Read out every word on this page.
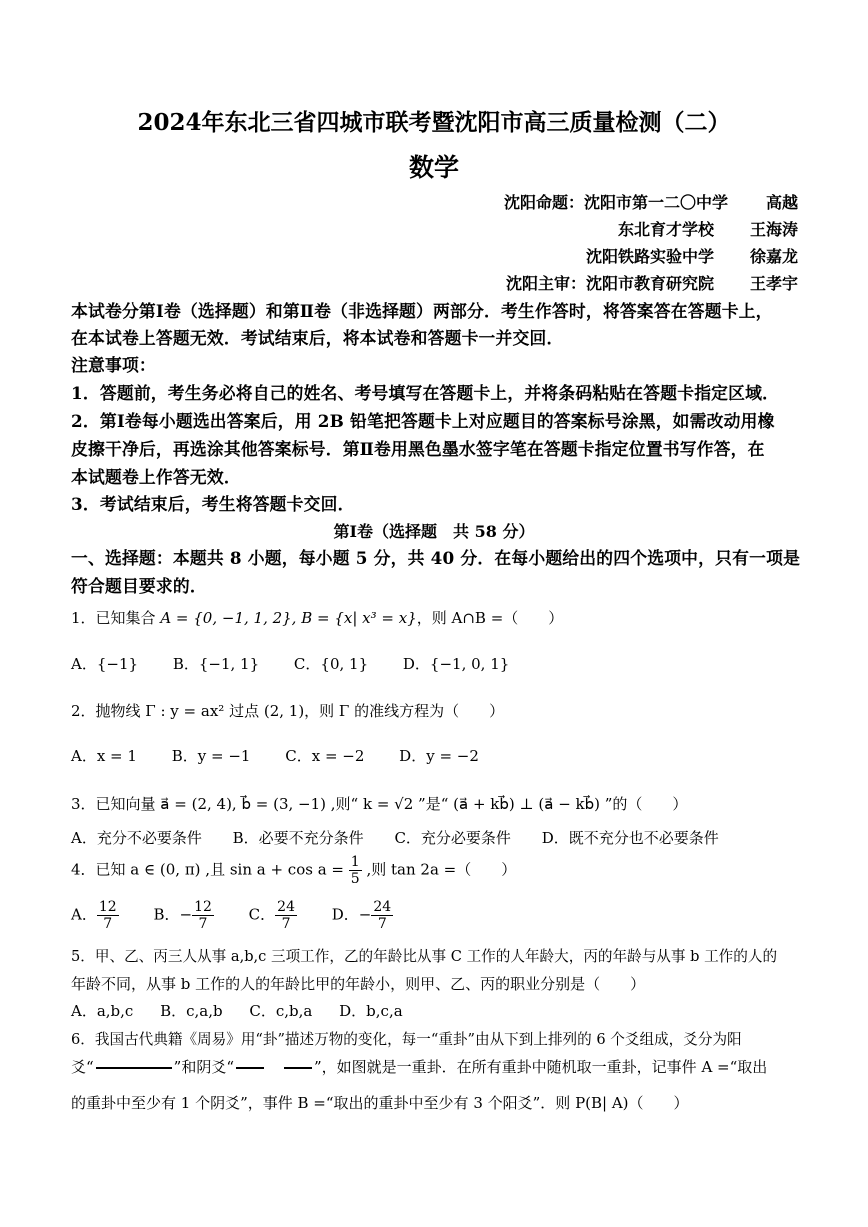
2024年东北三省四城市联考暨沈阳市高三质量检测（二）
数学
沈阳命题：沈阳市第一二〇中学 高越
东北育才学校 王海涛
沈阳铁路实验中学 徐嘉龙
沈阳主审：沈阳市教育研究院 王孝宇
本试卷分第Ⅰ卷（选择题）和第Ⅱ卷（非选择题）两部分．考生作答时，将答案答在答题卡上，
在本试卷上答题无效．考试结束后，将本试卷和答题卡一并交回．
注意事项：
1．答题前，考生务必将自己的姓名、考号填写在答题卡上，并将条码粘贴在答题卡指定区域．
2．第Ⅰ卷每小题选出答案后，用 2B 铅笔把答题卡上对应题目的答案标号涂黑，如需改动用橡
皮擦干净后，再选涂其他答案标号．第Ⅱ卷用黑色墨水签字笔在答题卡指定位置书写作答，在
本试题卷上作答无效．
3．考试结束后，考生将答题卡交回．
第Ⅰ卷（选择题　共 58 分）
一、选择题：本题共 8 小题，每小题 5 分，共 40 分．在每小题给出的四个选项中，只有一项是
符合题目要求的．
1．已知集合 A = {0, −1, 1, 2}, B = {x| x³ = x}，则 A∩B =（　　）
A．{−1} B．{−1, 1} C．{0, 1} D．{−1, 0, 1}
2．抛物线 Γ : y = ax² 过点 (2, 1)，则 Γ 的准线方程为（　　）
A．x = 1 B．y = −1 C．x = −2 D．y = −2
3．已知向量 a⃗ = (2, 4), b⃗ = (3, −1) ,则“ k = √2 ”是“ (a⃗ + kb⃗) ⊥ (a⃗ − kb⃗) ”的（　　）
A．充分不必要条件 B．必要不充分条件 C．充分必要条件 D．既不充分也不必要条件
4．已知 a ∈ (0, π) ,且 $\sin a + \cos a = \frac{1}{5}$ ,则 tan 2a =（　　）
A． $\frac{12}{7}$ B．− $\frac{12}{7}$ C． $\frac{24}{7}$ D．− $\frac{24}{7}$
5．甲、乙、丙三人从事 a,b,c 三项工作，乙的年龄比从事 C 工作的人年龄大，丙的年龄与从事 b 工作的人的
年龄不同，从事 b 工作的人的年龄比甲的年龄小，则甲、乙、丙的职业分别是（　　）
A．a,b,c B．c,a,b C．c,b,a D．b,c,a
6．我国古代典籍《周易》用“卦”描述万物的变化，每一“重卦”由从下到上排列的 6 个爻组成，爻分为阳
爻“	”和阴爻“	”，如图就是一重卦．在所有重卦中随机取一重卦，记事件 A =“取出
的重卦中至少有 1 个阴爻”，事件 B =“取出的重卦中至少有 3 个阳爻”．则 P(B| A)（　　）
